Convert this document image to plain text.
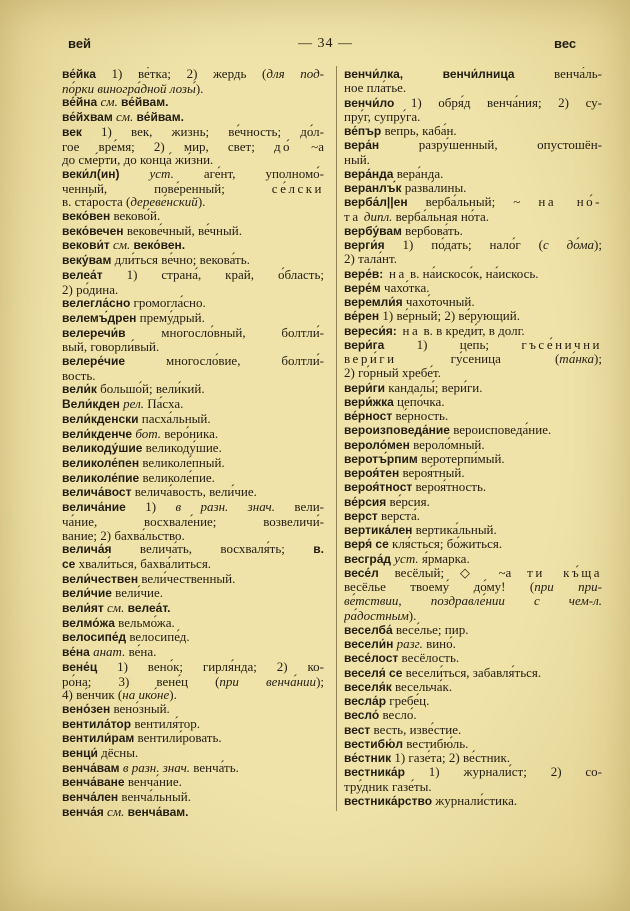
вей	— 34 —	вес
ве́йка 1) ве́тка; 2) жердь (для под-
по́рки виногра́дной лозы́).
ве́йна см. ве́йвам.
ве́йхвам см. ве́йвам.
век 1) век, жизнь; ве́чность; до́л-
гое вре́мя; 2) мир, свет; до́ ~а
до сме́рти, до конца́ жи́зни.
веки́л(ин) уст. аге́нт, уполномо́-
ченный, пове́ренный; се́лски
в. ста́роста (дереве́нский).
веко́вен веково́й.
веко́вечен векове́чный, ве́чный.
векови́т см. веко́вен.
веку́вам дли́ться ве́чно; векова́ть.
велеа́т 1) страна́, край, о́бласть;
2) ро́дина.
велегла́сно громогла́сно.
велемъ́дрен прему́дрый.
велеречи́в многосло́вный, болтли́-
вый, говорли́вый.
велере́чие многосло́вие, болтли́-
вость.
вели́к большо́й; вели́кий.
Вели́кден рел. Па́сха.
вели́кденски пасха́льный.
вели́кденче бот. веро́ника.
великоду́шие великоду́шие.
великоле́пен великоле́пный.
великоле́пие великоле́пие.
велича́вост велича́вость, вели́чие.
велича́ние 1) в разн. знач. вели-
ча́ние, восхвале́ние; возвеличи́-
вание; 2) бахва́льство.
велича́я велича́ть, восхваля́ть; в.
се хвали́ться, бахва́литься.
вели́чествен вели́чественный.
вели́чие вели́чие.
вели́ят см. велеа́т.
велмо́жа вельмо́жа.
велосипе́д велосипе́д.
ве́на анат. ве́на.
вене́ц 1) вено́к; гирля́нда; 2) ко-
ро́на; 3) вене́ц (при венча́нии);
4) ве́нчик (на ико́не).
вено́зен вено́зный.
вентила́тор вентиля́тор.
вентили́рам вентили́ровать.
венци́ дёсны.
венча́вам в разн. знач. венча́ть.
венча́ване венча́ние.
венча́лен венча́льный.
венча́я см. венча́вам.
венчи́лка, венчи́лница венча́ль-
ное пла́тье.
венчи́ло 1) обря́д венча́ния; 2) су-
пру́г, супру́га.
ве́пър вепрь, каба́н.
вера́н разру́шенный, опустошён-
ный.
вера́нда вера́нда.
веранлъ́к разва́лины.
верба́л||ен верба́льный; ~ на но́-
та дипл. верба́льная но́та.
вербу́вам вербова́ть.
верги́я 1) по́дать; нало́г (с до́ма);
2) тала́нт.
вере́в: на в. на́искосо́к, на́искось.
вере́м чахо́тка.
веремли́я чахо́точный.
ве́рен 1) ве́рный; 2) ве́рующий.
вереси́я: на в. в креди́т, в долг.
вери́га 1) цепь; гъсе́нични
вери́ги гу́сеница (та́нка);
2) го́рный хребе́т.
вери́ги кандалы́; вери́ги.
вери́жка цепо́чка.
ве́рност ве́рность.
вероизповеда́ние вероисповеда́ние.
вероло́мен вероло́мный.
веротъ́рпим веротерпи́мый.
вероя́тен вероя́тный.
вероя́тност вероя́тность.
ве́рсия ве́рсия.
верст верста́.
вертика́лен вертика́льный.
веря́ се кля́сться; бо́житься.
весгра́д уст. я́рмарка.
весе́л весёлый; ◇ ~а ти къ́ща
весёлье твоему́ до́му! (при при-
ве́тствии, поздравле́нии с чем-л.
ра́достным).
веселба́ весе́лье; пир.
весели́н разг. вино́.
весе́лост весёлость.
веселя́ се весели́ться, забавля́ться.
веселя́к весельча́к.
весла́р гребе́ц.
весло́ весло́.
вест весть, изве́стие.
вестибю́л вестибю́ль.
ве́стник 1) газе́та; 2) ве́стник.
вестника́р 1) журнали́ст; 2) со-
тру́дник газе́ты.
вестника́рство журнали́стика.
